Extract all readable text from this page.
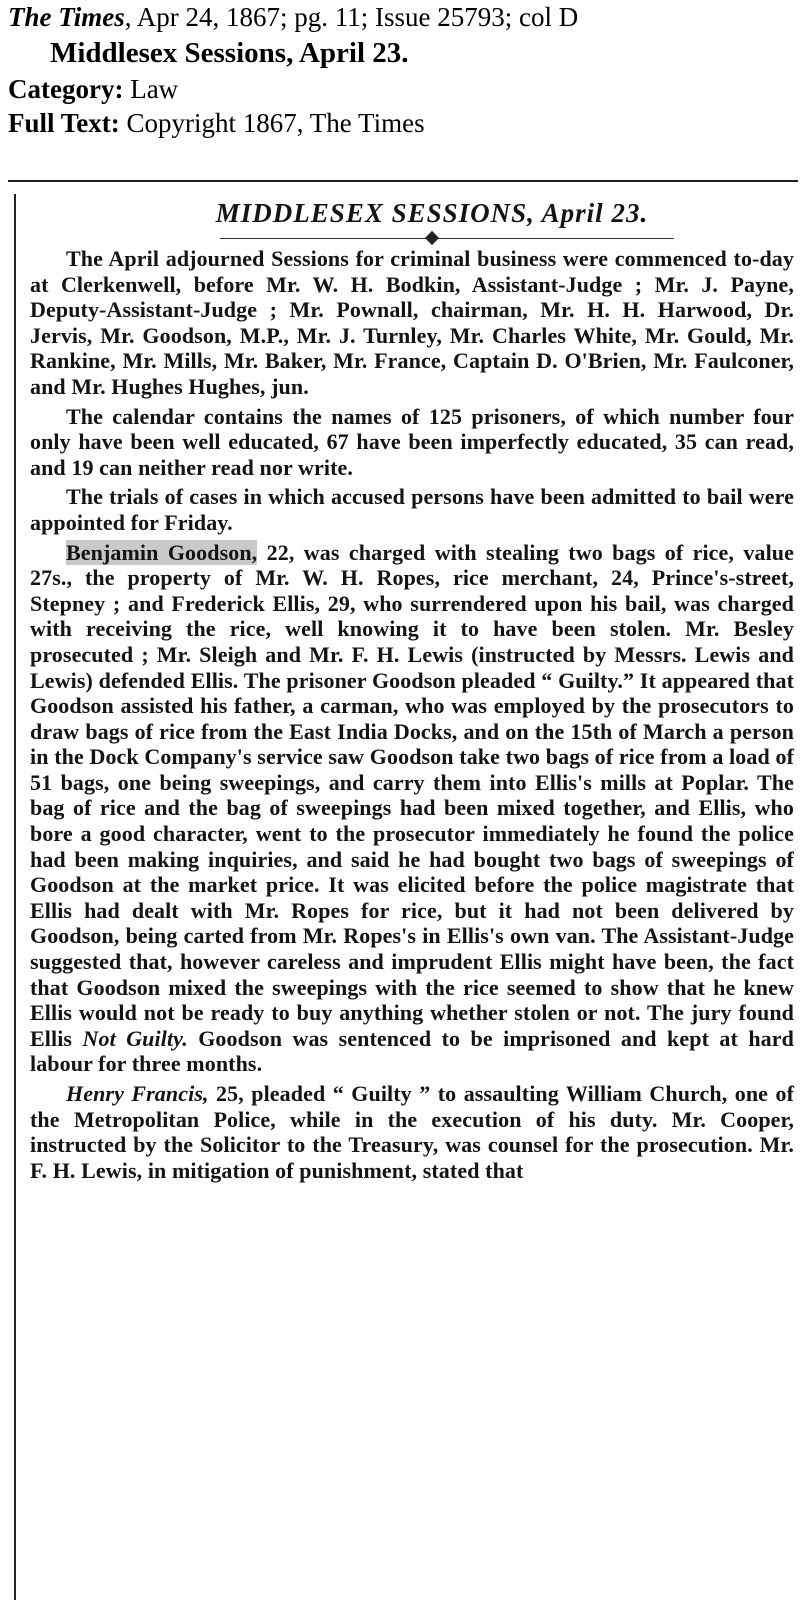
The Times, Apr 24, 1867; pg. 11; Issue 25793; col D
Middlesex Sessions, April 23.
Category: Law
Full Text: Copyright 1867, The Times
MIDDLESEX SESSIONS, April 23.

The April adjourned Sessions for criminal business were commenced to-day at Clerkenwell, before Mr. W. H. Bodkin, Assistant-Judge ; Mr. J. Payne, Deputy-Assistant-Judge ; Mr. Pownall, chairman, Mr. H. H. Harwood, Dr. Jervis, Mr. Goodson, M.P., Mr. J. Turnley, Mr. Charles White, Mr. Gould, Mr. Rankine, Mr. Mills, Mr. Baker, Mr. France, Captain D. O'Brien, Mr. Faulconer, and Mr. Hughes Hughes, jun.

The calendar contains the names of 125 prisoners, of which number four only have been well educated, 67 have been imperfectly educated, 35 can read, and 19 can neither read nor write.

The trials of cases in which accused persons have been admitted to bail were appointed for Friday.

Benjamin Goodson, 22, was charged with stealing two bags of rice, value 27s., the property of Mr. W. H. Ropes, rice merchant, 24, Prince's-street, Stepney ; and Frederick Ellis, 29, who surrendered upon his bail, was charged with receiving the rice, well knowing it to have been stolen. Mr. Besley prosecuted ; Mr. Sleigh and Mr. F. H. Lewis (instructed by Messrs. Lewis and Lewis) defended Ellis. The prisoner Goodson pleaded “ Guilty.” It appeared that Goodson assisted his father, a carman, who was employed by the prosecutors to draw bags of rice from the East India Docks, and on the 15th of March a person in the Dock Company's service saw Goodson take two bags of rice from a load of 51 bags, one being sweepings, and carry them into Ellis's mills at Poplar. The bag of rice and the bag of sweepings had been mixed together, and Ellis, who bore a good character, went to the prosecutor immediately he found the police had been making inquiries, and said he had bought two bags of sweepings of Goodson at the market price. It was elicited before the police magistrate that Ellis had dealt with Mr. Ropes for rice, but it had not been delivered by Goodson, being carted from Mr. Ropes's in Ellis's own van. The Assistant-Judge suggested that, however careless and imprudent Ellis might have been, the fact that Goodson mixed the sweepings with the rice seemed to show that he knew Ellis would not be ready to buy anything whether stolen or not. The jury found Ellis Not Guilty. Goodson was sentenced to be imprisoned and kept at hard labour for three months.

Henry Francis, 25, pleaded “ Guilty ” to assaulting William Church, one of the Metropolitan Police, while in the execution of his duty. Mr. Cooper, instructed by the Solicitor to the Treasury, was counsel for the prosecution. Mr. F. H. Lewis, in mitigation of punishment, stated that
